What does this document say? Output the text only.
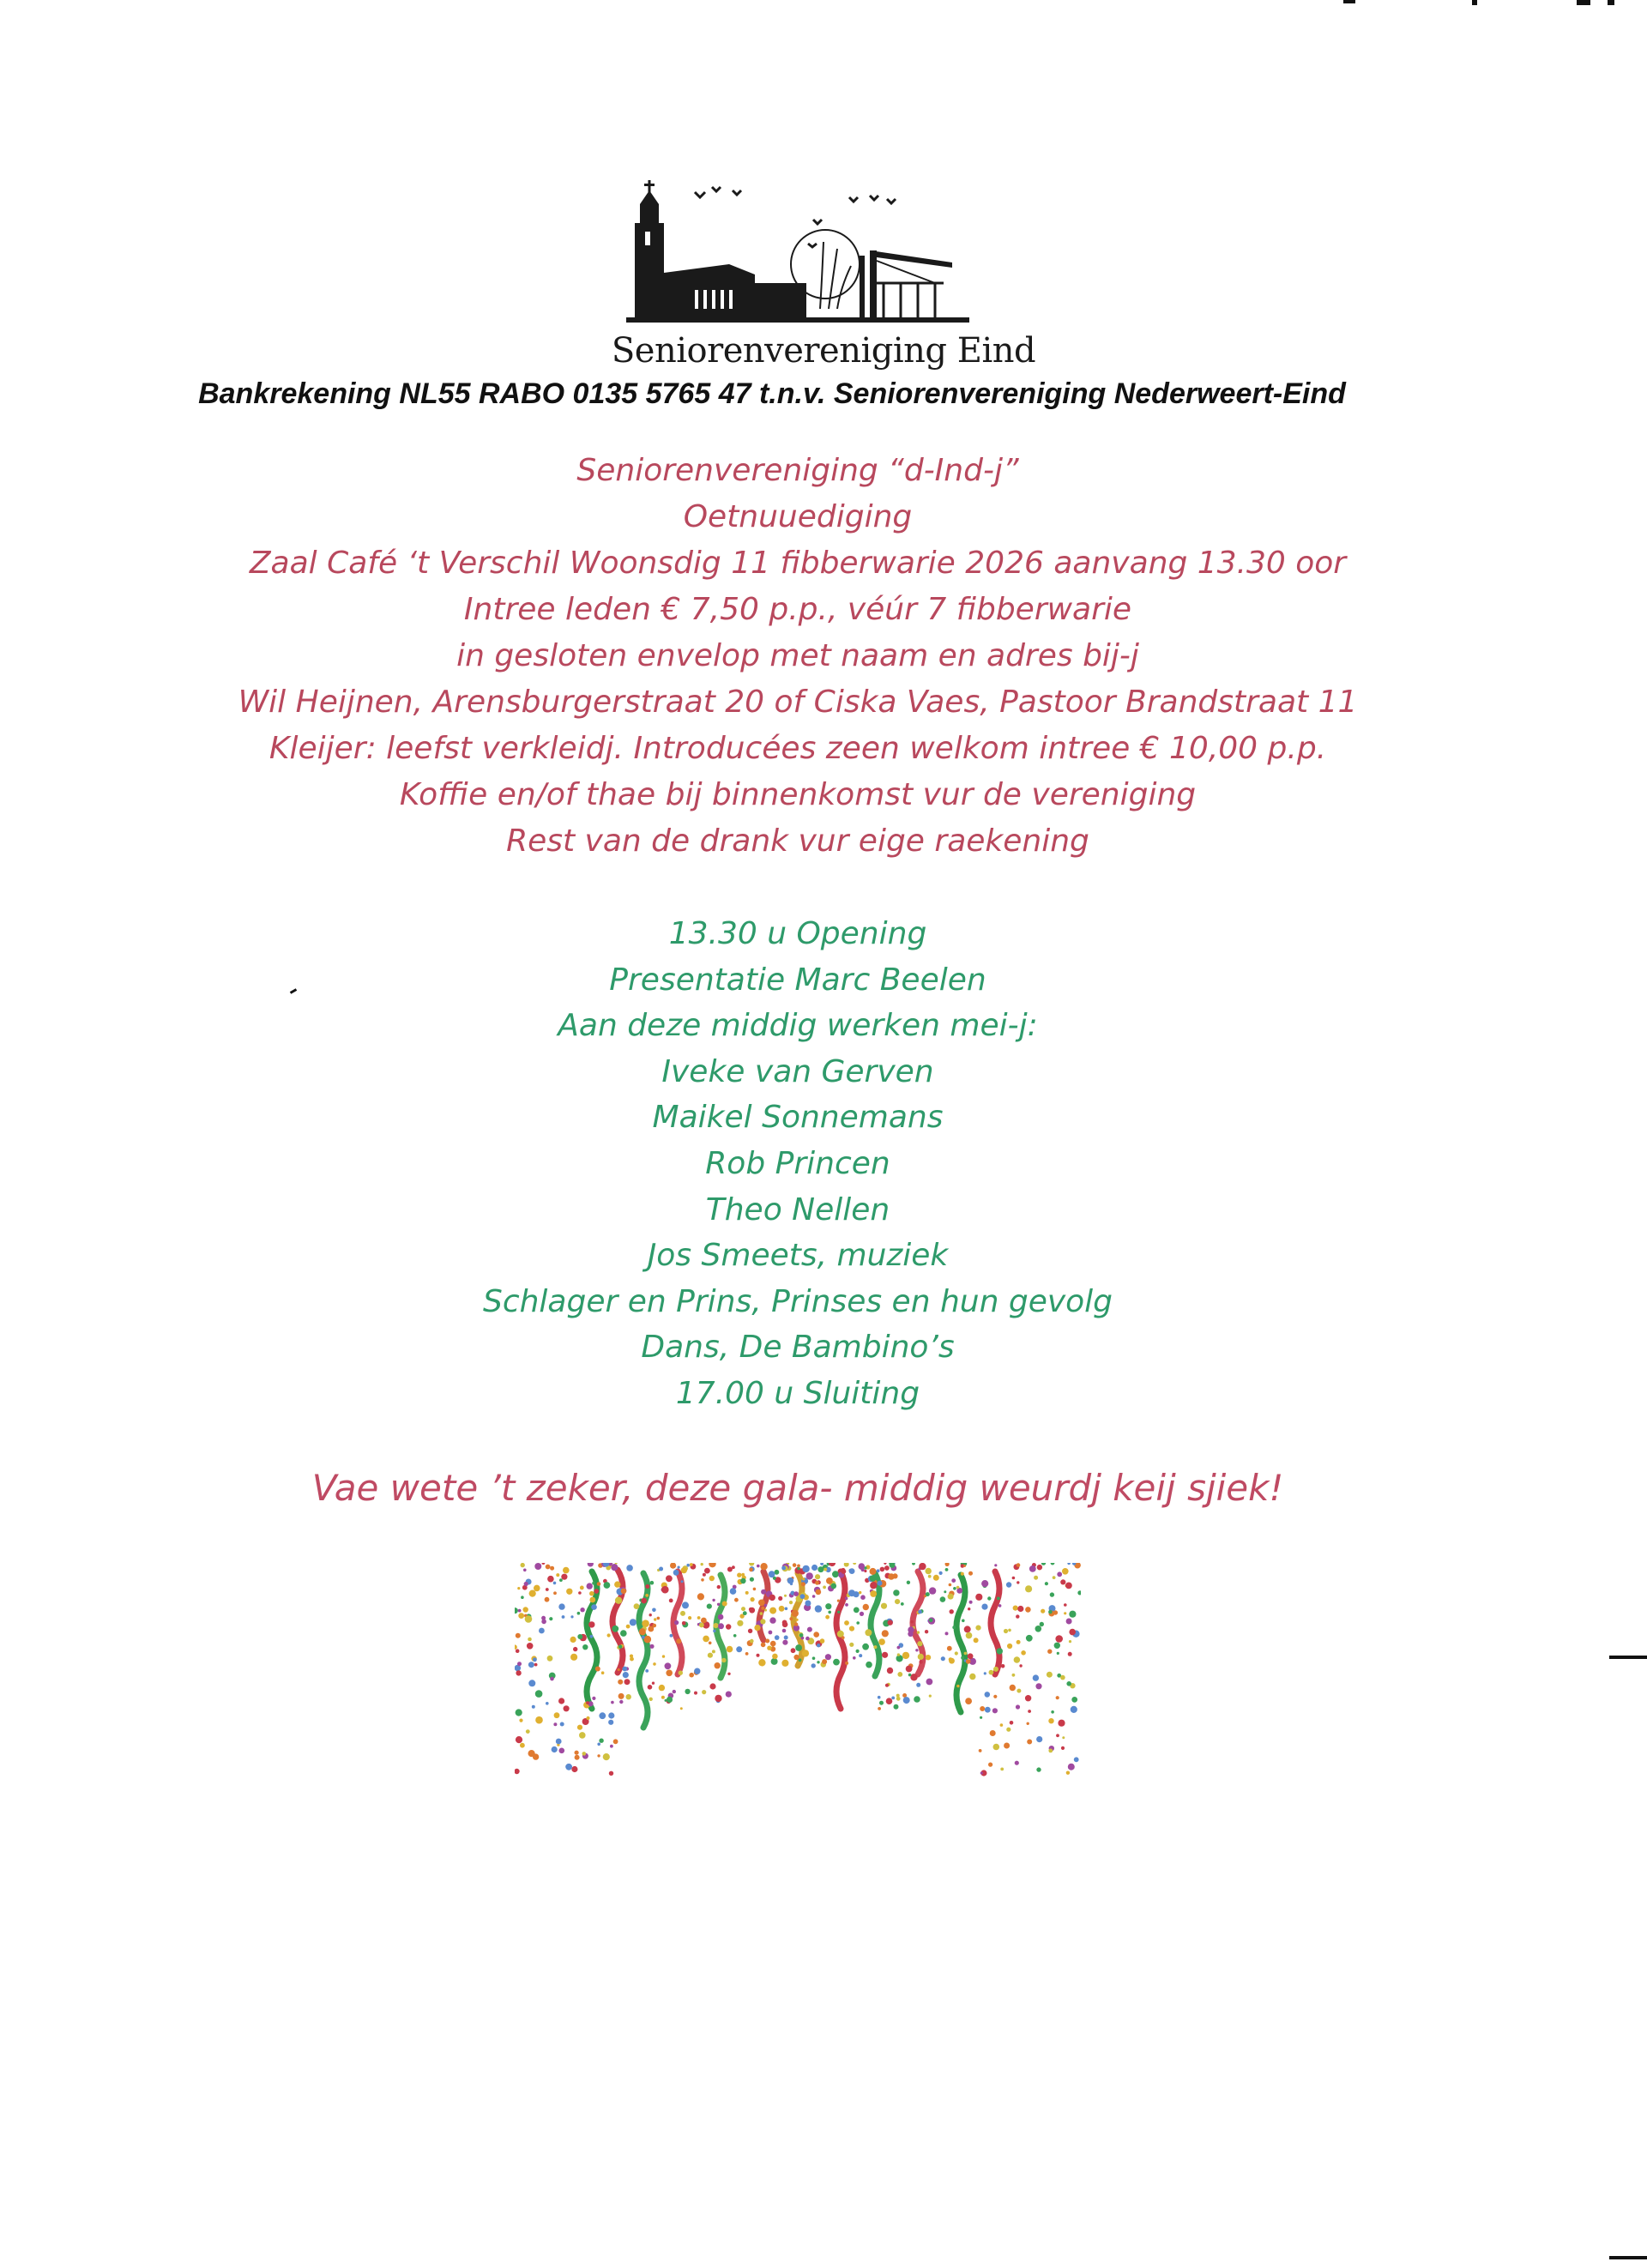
Seniorenvereniging Eind
Bankrekening NL55 RABO 0135 5765 47 t.n.v. Seniorenvereniging Nederweert-Eind
Seniorenvereniging “d-Ind-j”
Oetnuuediging
Zaal Café ‘t Verschil Woonsdig 11 fibberwarie 2026 aanvang 13.30 oor
Intree leden € 7,50 p.p., véúr 7 fibberwarie
in gesloten envelop met naam en adres bij-j
Wil Heijnen, Arensburgerstraat 20 of Ciska Vaes, Pastoor Brandstraat 11
Kleijer: leefst verkleidj. Introducées zeen welkom intree € 10,00 p.p.
Koffie en/of thae bij binnenkomst vur de vereniging
Rest van de drank vur eige raekening
13.30 u Opening
Presentatie Marc Beelen
Aan deze middig werken mei-j:
Iveke van Gerven
Maikel Sonnemans
Rob Princen
Theo Nellen
Jos Smeets, muziek
Schlager en Prins, Prinses en hun gevolg
Dans, De Bambino’s
17.00 u Sluiting
Vae wete ’t zeker, deze gala- middig weurdj keij sjiek!
